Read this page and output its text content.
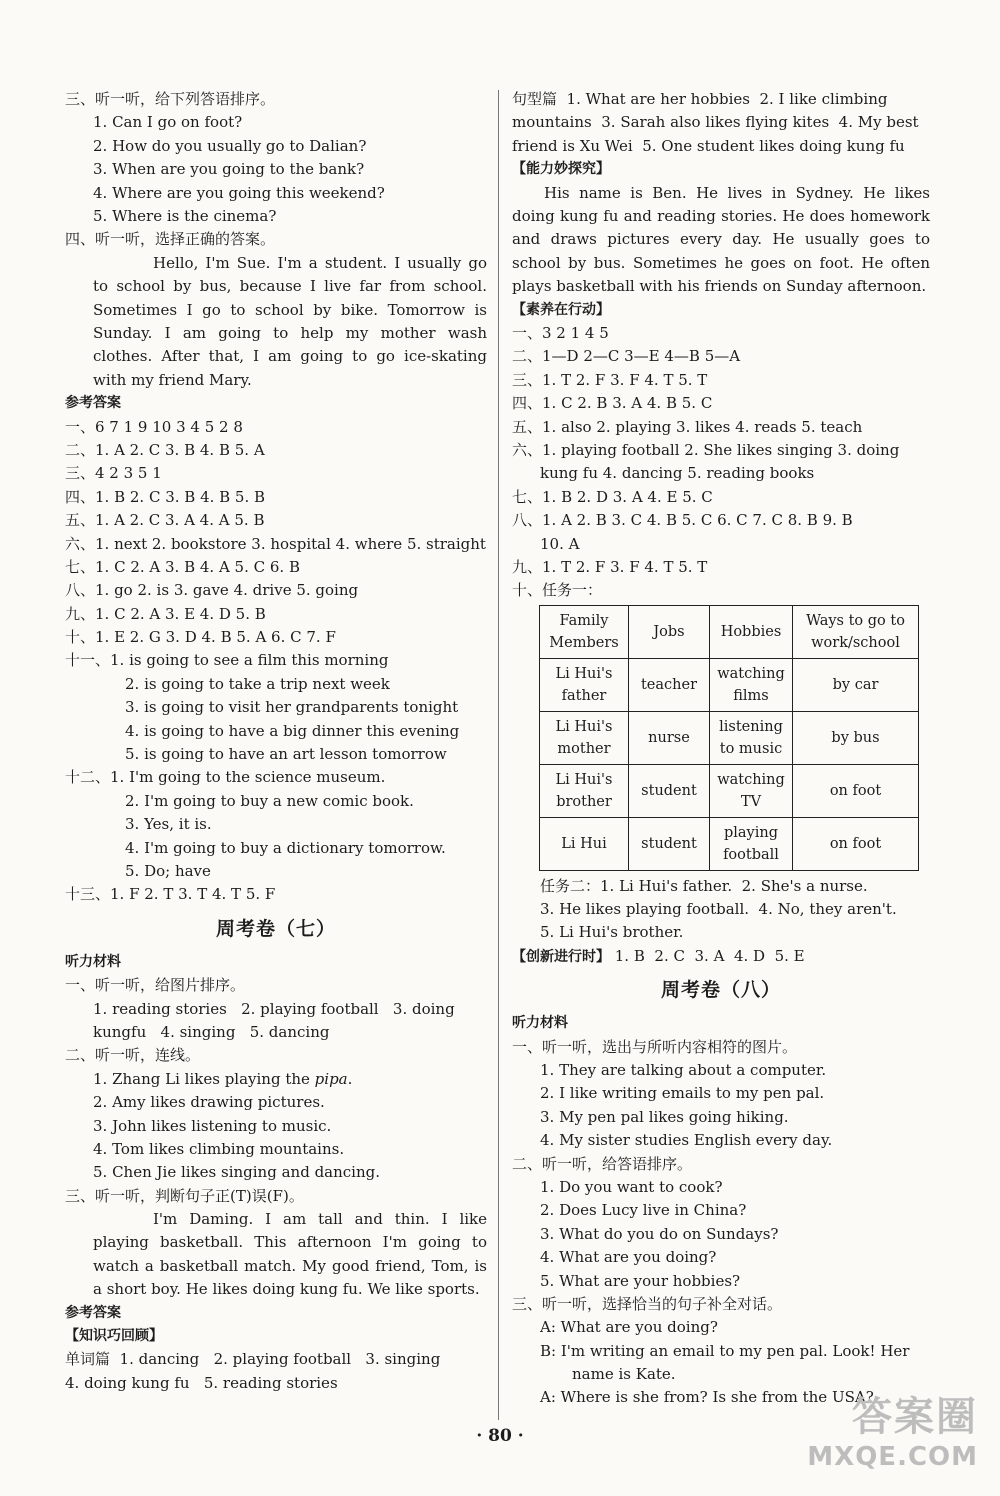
三、听一听，给下列答语排序。
1. Can I go on foot?
2. How do you usually go to Dalian?
3. When are you going to the bank?
4. Where are you going this weekend?
5. Where is the cinema?
四、听一听，选择正确的答案。
Hello, I'm Sue. I'm a student. I usually go to school by bus, because I live far from school. Sometimes I go to school by bike. Tomorrow is Sunday. I am going to help my mother wash clothes. After that, I am going to go ice-skating with my friend Mary.
参考答案
一、6 7 1 9 10 3 4 5 2 8
二、1. A 2. C 3. B 4. B 5. A
三、4 2 3 5 1
四、1. B 2. C 3. B 4. B 5. B
五、1. A 2. C 3. A 4. A 5. B
六、1. next 2. bookstore 3. hospital 4. where 5. straight
七、1. C 2. A 3. B 4. A 5. C 6. B
八、1. go 2. is 3. gave 4. drive 5. going
九、1. C 2. A 3. E 4. D 5. B
十、1. E 2. G 3. D 4. B 5. A 6. C 7. F
十一、1. is going to see a film this morning
2. is going to take a trip next week
3. is going to visit her grandparents tonight
4. is going to have a big dinner this evening
5. is going to have an art lesson tomorrow
十二、1. I'm going to the science museum.
2. I'm going to buy a new comic book.
3. Yes, it is.
4. I'm going to buy a dictionary tomorrow.
5. Do; have
十三、1. F 2. T 3. T 4. T 5. F
周考卷（七）
听力材料
一、听一听，给图片排序。
1. reading stories   2. playing football   3. doing
kungfu   4. singing   5. dancing
二、听一听，连线。
1. Zhang Li likes playing the pipa.
2. Amy likes drawing pictures.
3. John likes listening to music.
4. Tom likes climbing mountains.
5. Chen Jie likes singing and dancing.
三、听一听，判断句子正(T)误(F)。
I'm Daming. I am tall and thin. I like playing basketball. This afternoon I'm going to watch a basketball match. My good friend, Tom, is a short boy. He likes doing kung fu. We like sports.
参考答案
【知识巧回顾】
单词篇  1. dancing   2. playing football   3. singing
4. doing kung fu   5. reading stories
句型篇  1. What are her hobbies  2. I like climbing
mountains  3. Sarah also likes flying kites  4. My best
friend is Xu Wei  5. One student likes doing kung fu
【能力妙探究】
His name is Ben. He lives in Sydney. He likes doing kung fu and reading stories. He does homework and draws pictures every day. He usually goes to school by bus. Sometimes he goes on foot. He often plays basketball with his friends on Sunday afternoon.
【素养在行动】
一、3 2 1 4 5
二、1—D 2—C 3—E 4—B 5—A
三、1. T 2. F 3. F 4. T 5. T
四、1. C 2. B 3. A 4. B 5. C
五、1. also 2. playing 3. likes 4. reads 5. teach
六、1. playing football 2. She likes singing 3. doing
kung fu 4. dancing 5. reading books
七、1. B 2. D 3. A 4. E 5. C
八、1. A 2. B 3. C 4. B 5. C 6. C 7. C 8. B 9. B
10. A
九、1. T 2. F 3. F 4. T 5. T
十、任务一：
Family Members	Jobs	Hobbies	Ways to go to work/school
Li Hui's father	teacher	watching films	by car
Li Hui's mother	nurse	listening to music	by bus
Li Hui's brother	student	watching TV	on foot
Li Hui	student	playing football	on foot
任务二：1. Li Hui's father.  2. She's a nurse.
3. He likes playing football.  4. No, they aren't.
5. Li Hui's brother.
【创新进行时】 1. B  2. C  3. A  4. D  5. E
周考卷（八）
听力材料
一、听一听，选出与所听内容相符的图片。
1. They are talking about a computer.
2. I like writing emails to my pen pal.
3. My pen pal likes going hiking.
4. My sister studies English every day.
二、听一听，给答语排序。
1. Do you want to cook?
2. Does Lucy live in China?
3. What do you do on Sundays?
4. What are you doing?
5. What are your hobbies?
三、听一听，选择恰当的句子补全对话。
A: What are you doing?
B: I'm writing an email to my pen pal. Look! Her
name is Kate.
A: Where is she from? Is she from the USA?
· 80 ·	答案圈
MXQE.COM
